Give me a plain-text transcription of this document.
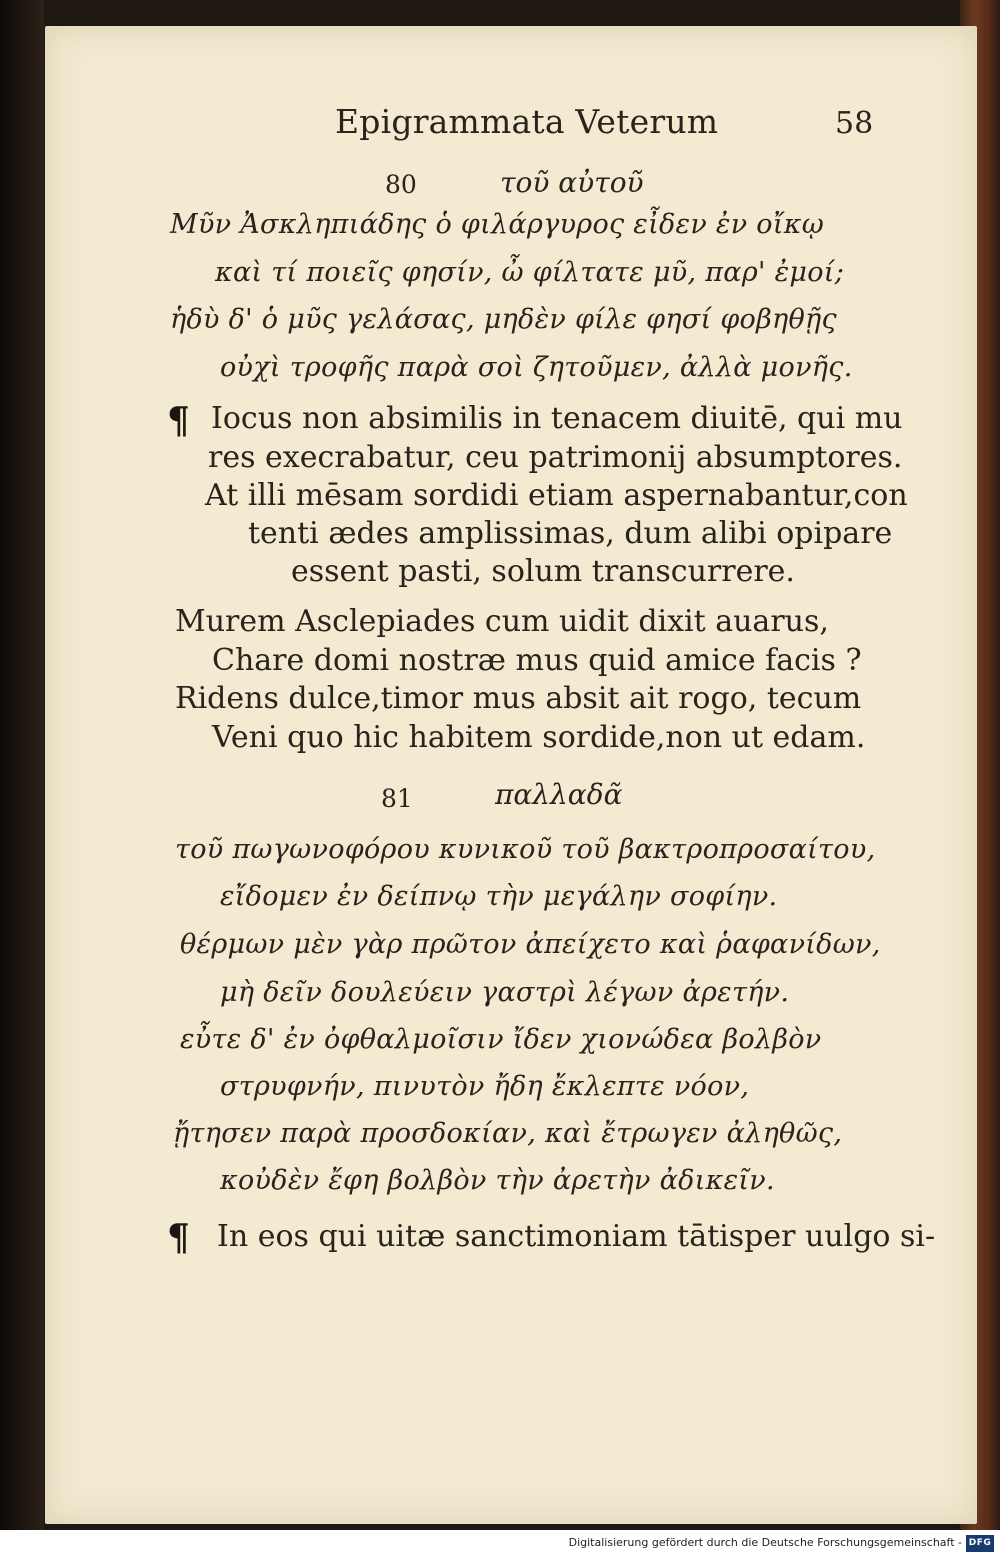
Epigrammata Veterum	58
80	τοῦ αὐτοῦ
Μῦν Ἀσκληπιάδης ὁ φιλάργυρος εἶδεν ἐν οἴκῳ
καὶ τί ποιεῖς φησίν, ὦ φίλτατε μῦ, παρ' ἐμοί;
ἡδὺ δ' ὁ μῦς γελάσας, μηδὲν φίλε φησί φοβηθῇς
οὐχὶ τροφῆς παρὰ σοὶ ζητοῦμεν, ἀλλὰ μονῆς.
¶ Iocus non absimilis in tenacem diuitē, qui mu
res execrabatur, ceu patrimonij absumptores.
At illi mēsam sordidi etiam aspernabantur,con
tenti ædes amplissimas, dum alibi opipare
essent pasti, solum transcurrere.
Murem Asclepiades cum uidit dixit auarus,
Chare domi nostræ mus quid amice facis ?
Ridens dulce,timor mus absit ait rogo, tecum
Veni quo hic habitem sordide,non ut edam.
81	παλλαδᾶ
τοῦ πωγωνοφόρου κυνικοῦ τοῦ βακτροπροσαίτου,
εἴδομεν ἐν δείπνῳ τὴν μεγάλην σοφίην.
θέρμων μὲν γὰρ πρῶτον ἀπείχετο καὶ ῥαφανίδων,
μὴ δεῖν δουλεύειν γαστρὶ λέγων ἀρετήν.
εὖτε δ' ἐν ὀφθαλμοῖσιν ἴδεν χιονώδεα βολβὸν
στρυφνήν, πινυτὸν ἤδη ἔκλεπτε νόον,
ᾔτησεν παρὰ προσδοκίαν, καὶ ἔτρωγεν ἀληθῶς,
κοὐδὲν ἔφη βολβὸν τὴν ἀρετὴν ἀδικεῖν.
¶ In eos qui uitæ sanctimoniam tātisper uulgo si-
Digitalisierung gefördert durch die Deutsche Forschungsgemeinschaft - DFG
